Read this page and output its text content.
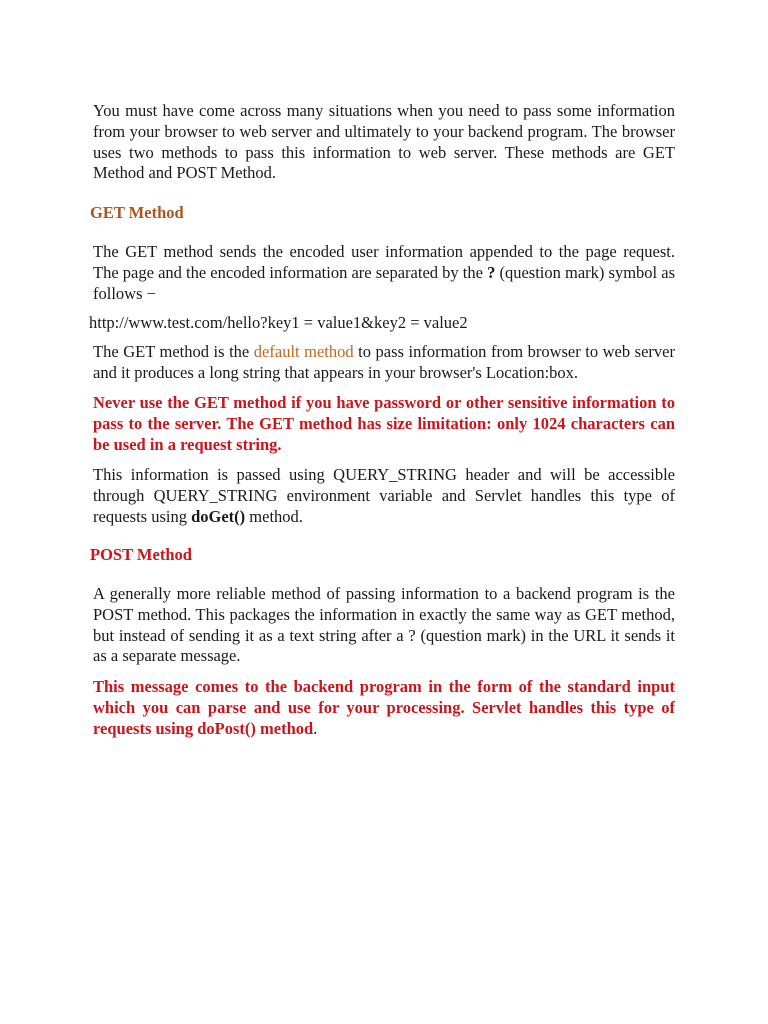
You must have come across many situations when you need to pass some information from your browser to web server and ultimately to your backend program. The browser uses two methods to pass this information to web server. These methods are GET Method and POST Method.

GET Method

The GET method sends the encoded user information appended to the page request. The page and the encoded information are separated by the ? (question mark) symbol as follows −

http://www.test.com/hello?key1 = value1&key2 = value2

The GET method is the default method to pass information from browser to web server and it produces a long string that appears in your browser's Location:box.

Never use the GET method if you have password or other sensitive information to pass to the server. The GET method has size limitation: only 1024 characters can be used in a request string.

This information is passed using QUERY_STRING header and will be accessible through QUERY_STRING environment variable and Servlet handles this type of requests using doGet() method.

POST Method

A generally more reliable method of passing information to a backend program is the POST method. This packages the information in exactly the same way as GET method, but instead of sending it as a text string after a ? (question mark) in the URL it sends it as a separate message.

This message comes to the backend program in the form of the standard input which you can parse and use for your processing. Servlet handles this type of requests using doPost() method.
